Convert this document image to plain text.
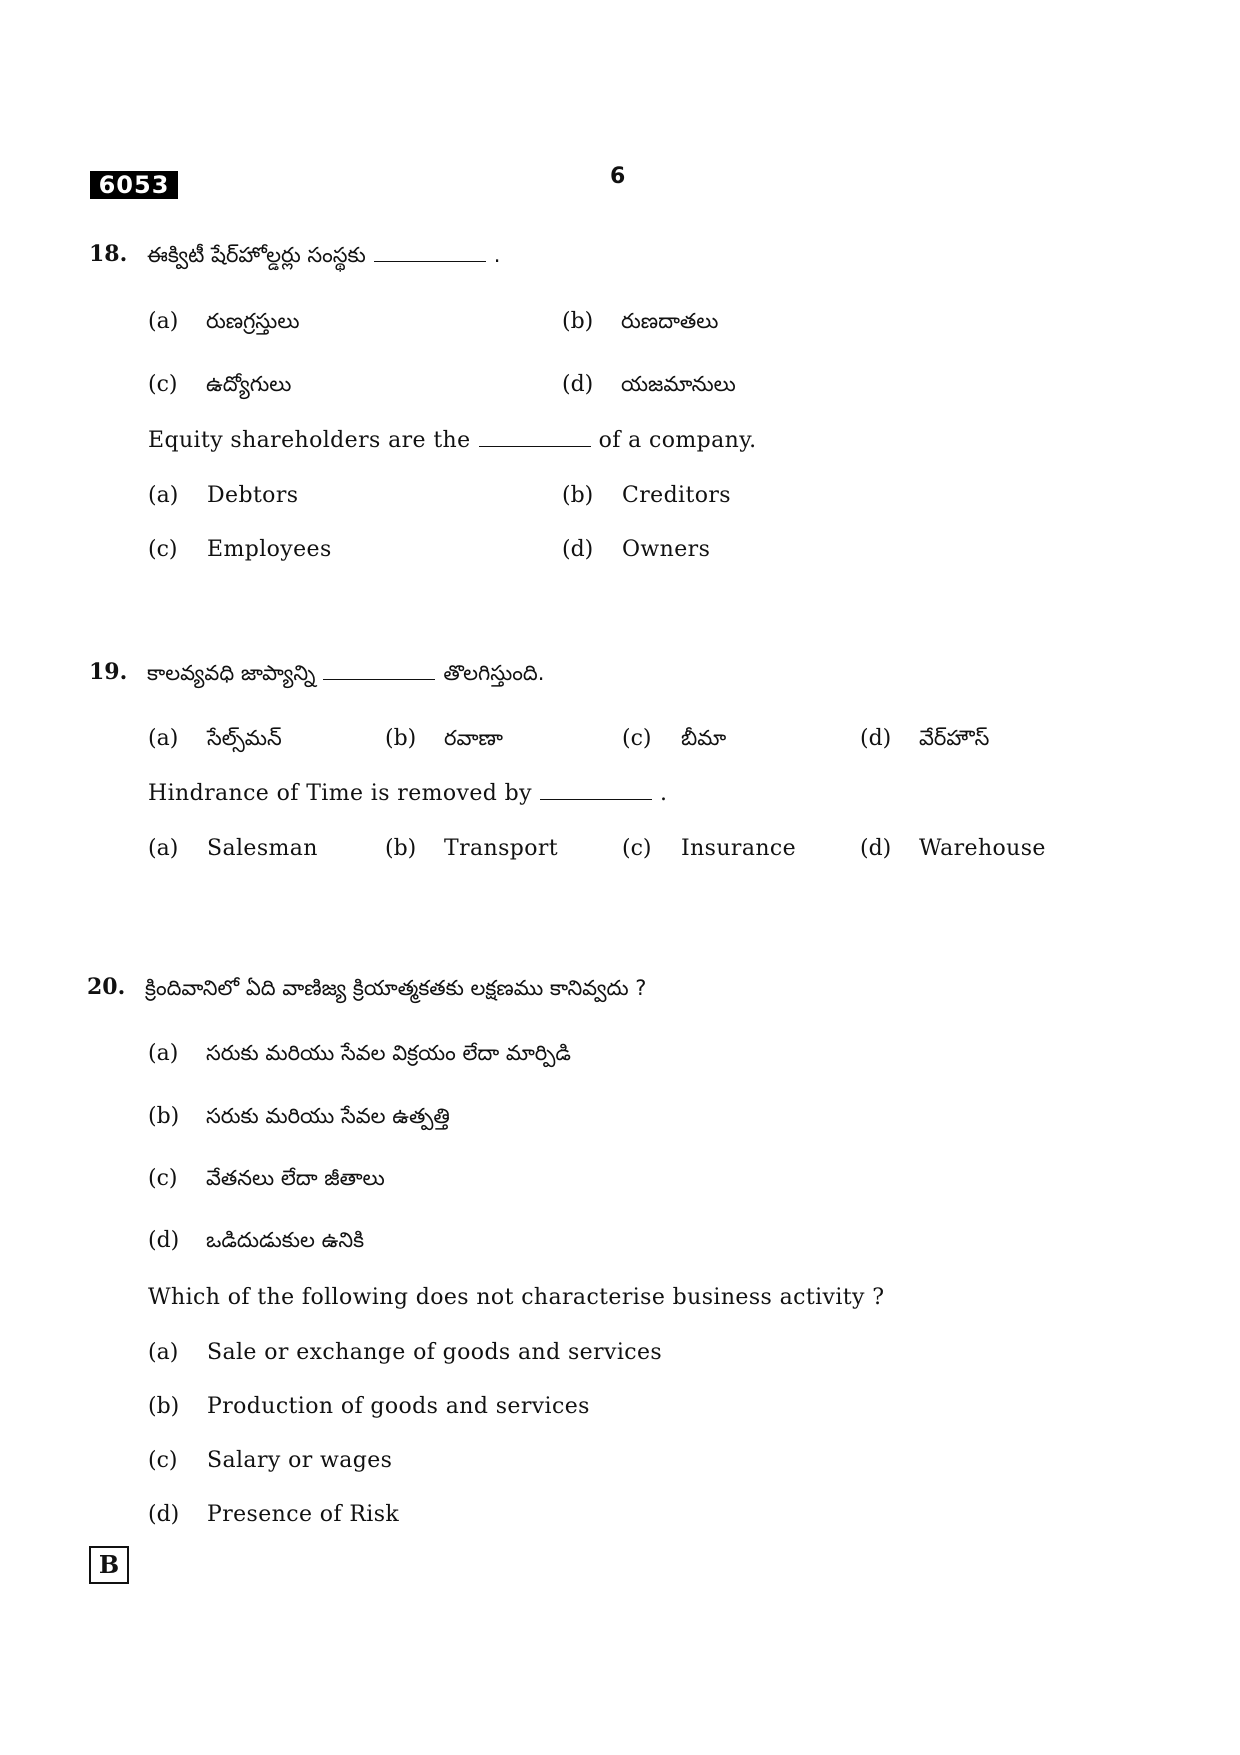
6053	6
18. ఈక్విటీ షేర్‌హోల్డర్లు సంస్థకు	.
(a) రుణగ్రస్తులు	(b) రుణదాతలు
(c) ఉద్యోగులు	(d) యజమానులు
Equity shareholders are the	of a company.
(a) Debtors	(b) Creditors
(c) Employees	(d) Owners
19. కాలవ్యవధి జాప్యాన్ని	తొలగిస్తుంది.
(a) సేల్స్‌మన్	(b) రవాణా	(c) బీమా	(d) వేర్‌హౌస్
Hindrance of Time is removed by	.
(a) Salesman	(b) Transport	(c) Insurance	(d) Warehouse
20. క్రిందివానిలో ఏది వాణిజ్య క్రియాత్మకతకు లక్షణము కానివ్వదు ?
(a) సరుకు మరియు సేవల విక్రయం లేదా మార్పిడి
(b) సరుకు మరియు సేవల ఉత్పత్తి
(c) వేతనలు లేదా జీతాలు
(d) ఒడిదుడుకుల ఉనికి
Which of the following does not characterise business activity ?
(a) Sale or exchange of goods and services
(b) Production of goods and services
(c) Salary or wages
(d) Presence of Risk
B
